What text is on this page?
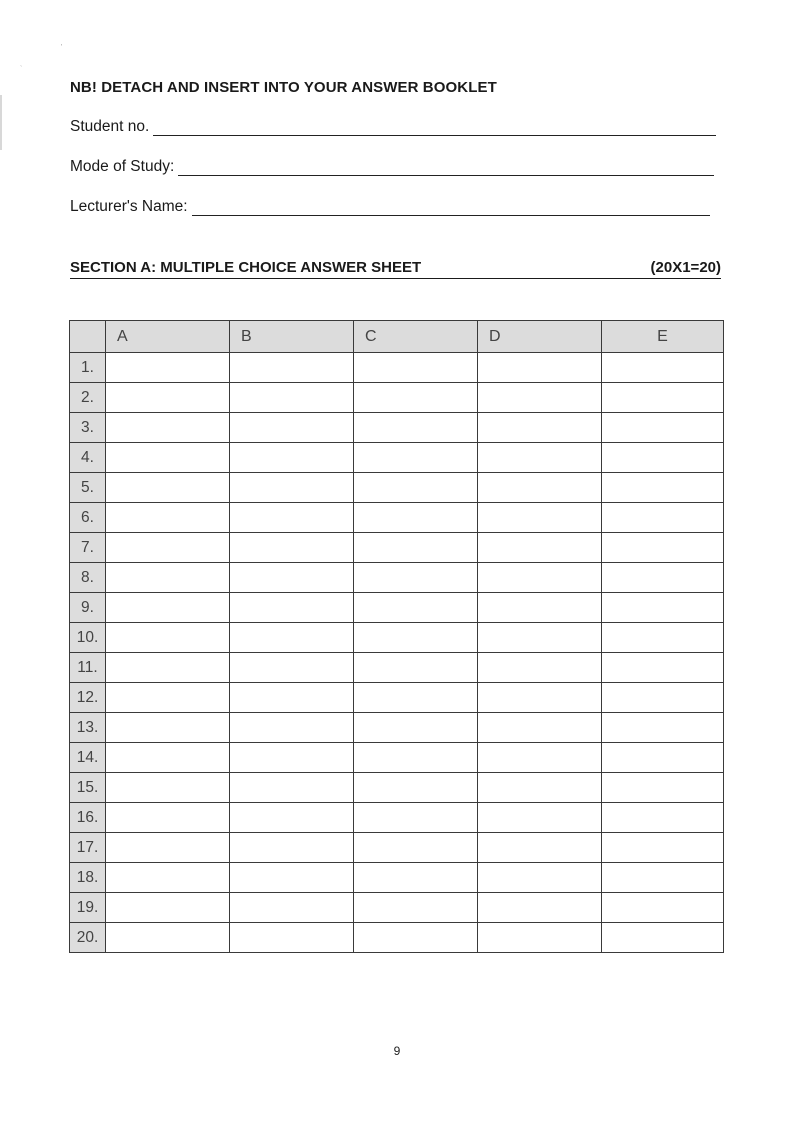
'
`
NB! DETACH AND INSERT INTO YOUR ANSWER BOOKLET
Student no.
Mode of Study:
Lecturer's Name:
SECTION A: MULTIPLE CHOICE ANSWER SHEET	(20X1=20)
	A	B	C	D	E
1.					
2.					
3.					
4.					
5.					
6.					
7.					
8.					
9.					
10.					
11.					
12.					
13.					
14.					
15.					
16.					
17.					
18.					
19.					
20.					
9
